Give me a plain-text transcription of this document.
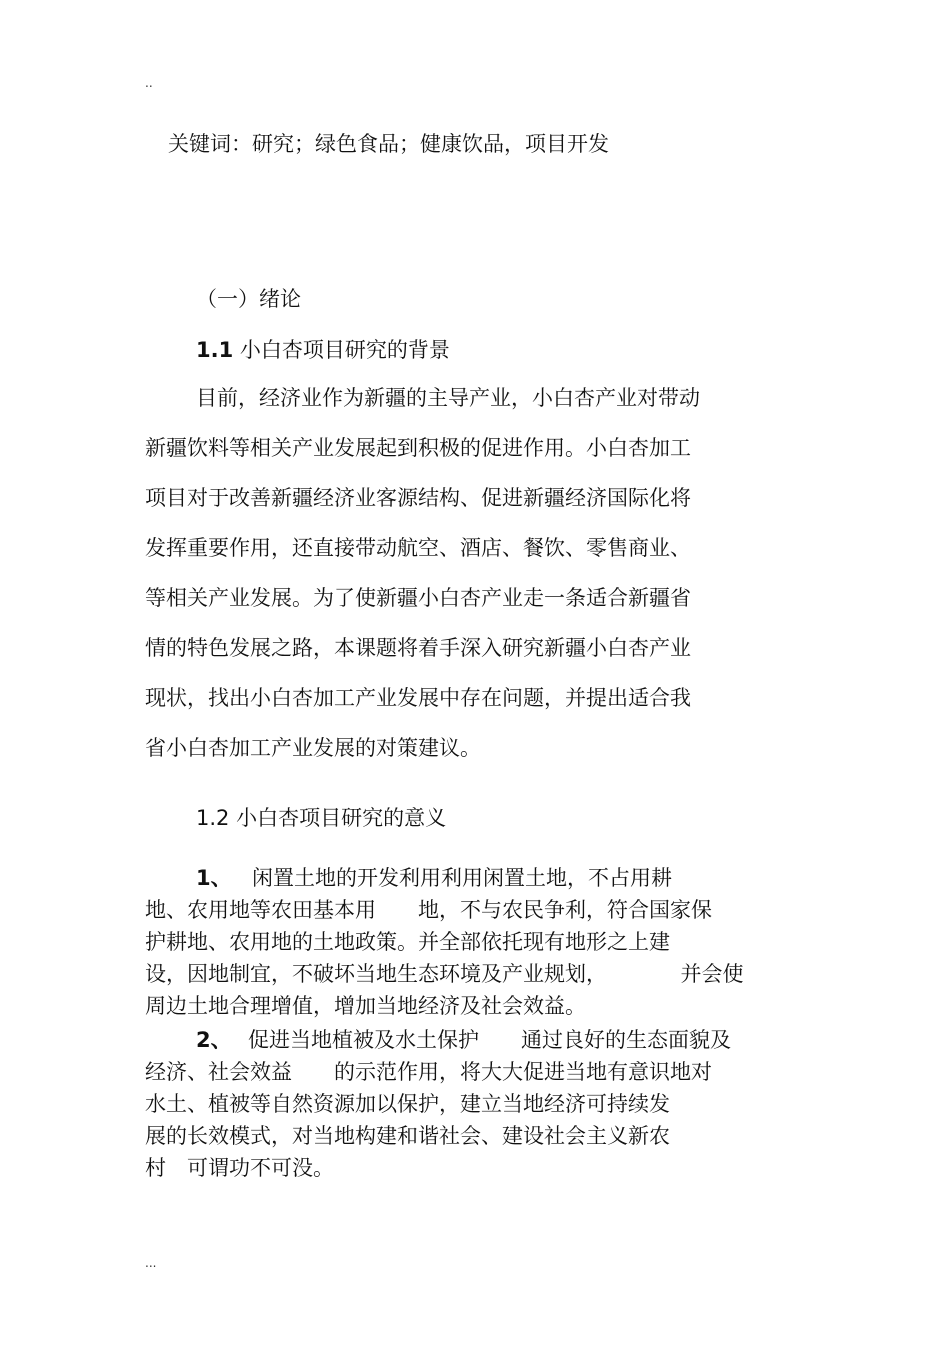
..

关键词：研究；绿色食品；健康饮品，项目开发

（一）绪论

1.1 小白杏项目研究的背景

目前，经济业作为新疆的主导产业，小白杏产业对带动

新疆饮料等相关产业发展起到积极的促进作用。小白杏加工

项目对于改善新疆经济业客源结构、促进新疆经济国际化将

发挥重要作用，还直接带动航空、酒店、餐饮、零售商业、

等相关产业发展。为了使新疆小白杏产业走一条适合新疆省

情的特色发展之路，本课题将着手深入研究新疆小白杏产业

现状，找出小白杏加工产业发展中存在问题，并提出适合我

省小白杏加工产业发展的对策建议。

1.2 小白杏项目研究的意义

1、 闲置土地的开发利用利用闲置土地，不占用耕

地、农用地等农田基本用　　地，不与农民争利，符合国家保

护耕地、农用地的土地政策。并全部依托现有地形之上建

设，因地制宜，不破坏当地生态环境及产业规划，　　　　并会使

周边土地合理增值，增加当地经济及社会效益。

2、 促进当地植被及水土保护　　通过良好的生态面貌及

经济、社会效益　　的示范作用，将大大促进当地有意识地对

水土、植被等自然资源加以保护，建立当地经济可持续发

展的长效模式，对当地构建和谐社会、建设社会主义新农

村　可谓功不可没。

...
